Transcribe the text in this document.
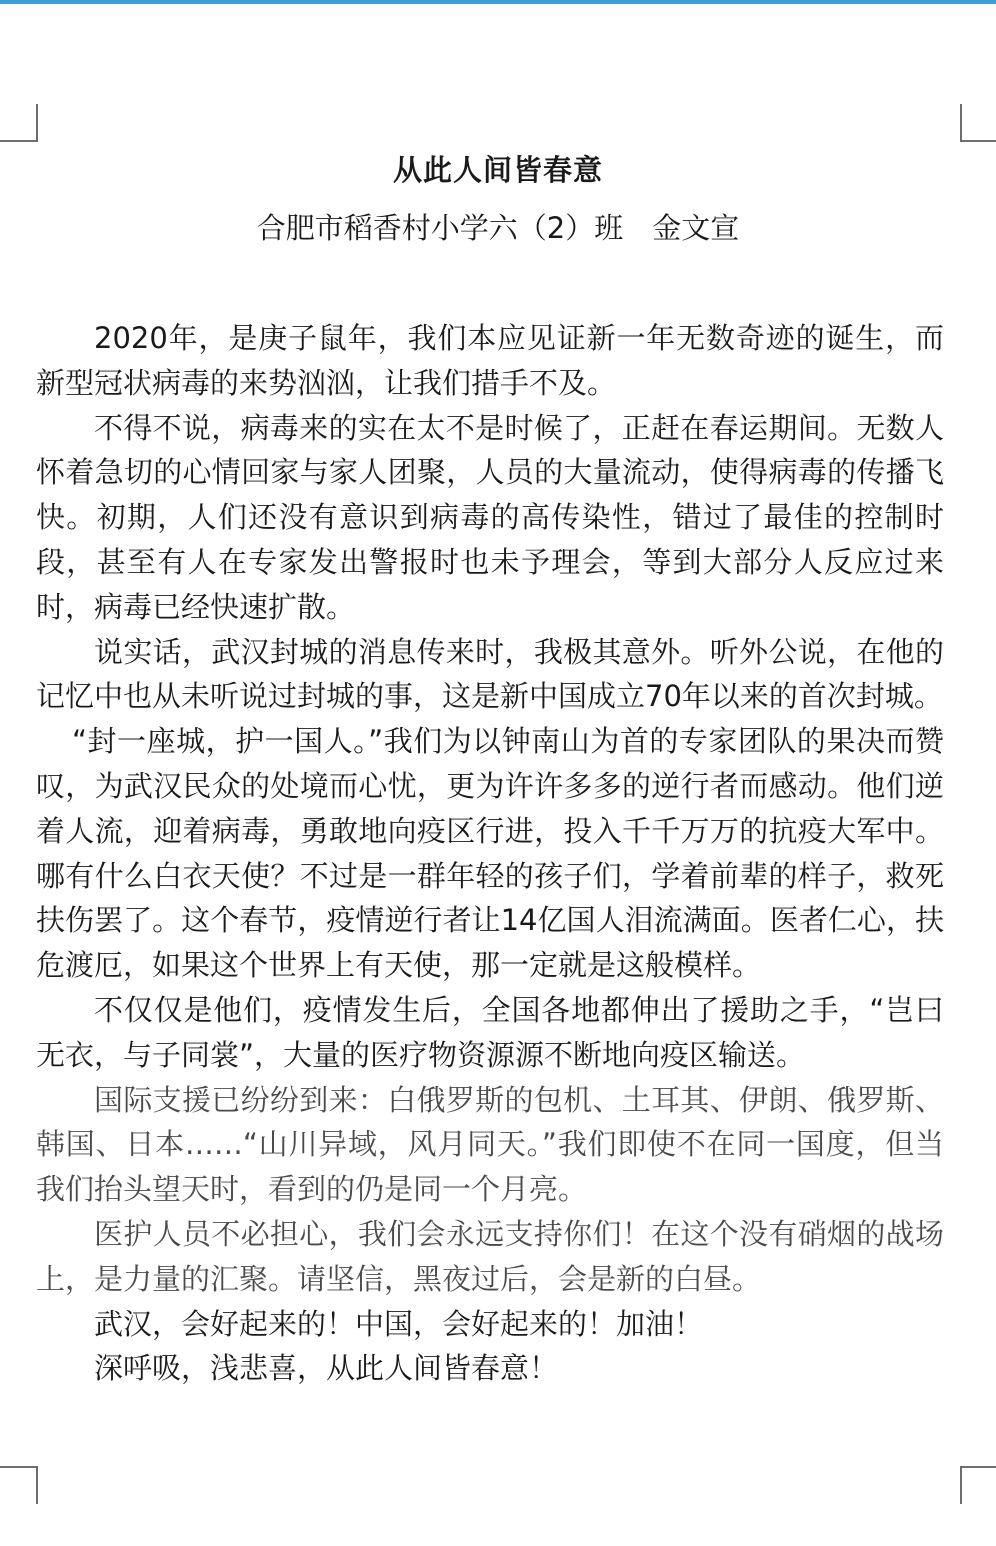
从此人间皆春意
合肥市稻香村小学六（2）班　金文宣

2020年，是庚子鼠年，我们本应见证新一年无数奇迹的诞生，而新型冠状病毒的来势汹汹，让我们措手不及。

不得不说，病毒来的实在太不是时候了，正赶在春运期间。无数人怀着急切的心情回家与家人团聚，人员的大量流动，使得病毒的传播飞快。初期，人们还没有意识到病毒的高传染性，错过了最佳的控制时段，甚至有人在专家发出警报时也未予理会，等到大部分人反应过来时，病毒已经快速扩散。

说实话，武汉封城的消息传来时，我极其意外。听外公说，在他的记忆中也从未听说过封城的事，这是新中国成立70年以来的首次封城。

“封一座城，护一国人。”我们为以钟南山为首的专家团队的果决而赞叹，为武汉民众的处境而心忧，更为许许多多的逆行者而感动。他们逆着人流，迎着病毒，勇敢地向疫区行进，投入千千万万的抗疫大军中。哪有什么白衣天使？不过是一群年轻的孩子们，学着前辈的样子，救死扶伤罢了。这个春节，疫情逆行者让14亿国人泪流满面。医者仁心，扶危渡厄，如果这个世界上有天使，那一定就是这般模样。

不仅仅是他们，疫情发生后，全国各地都伸出了援助之手，“岂曰无衣，与子同裳”，大量的医疗物资源源不断地向疫区输送。

国际支援已纷纷到来：白俄罗斯的包机、土耳其、伊朗、俄罗斯、韩国、日本……“山川异域，风月同天。”我们即使不在同一国度，但当我们抬头望天时，看到的仍是同一个月亮。

医护人员不必担心，我们会永远支持你们！在这个没有硝烟的战场上，是力量的汇聚。请坚信，黑夜过后，会是新的白昼。

武汉，会好起来的！中国，会好起来的！加油！

深呼吸，浅悲喜，从此人间皆春意！
